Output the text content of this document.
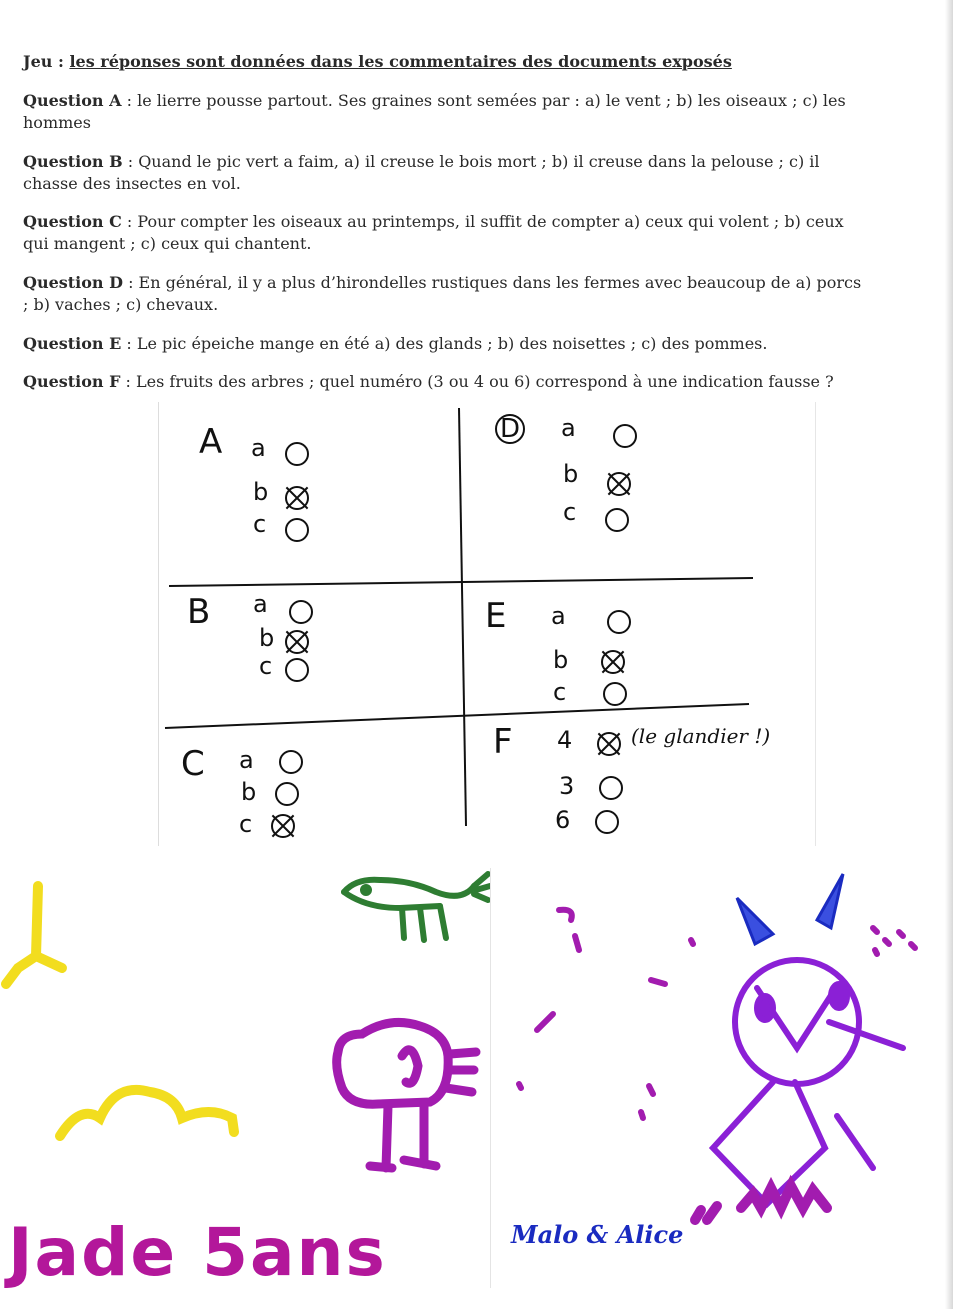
Jeu : les réponses sont données dans les commentaires des documents exposés
Question A : le lierre pousse partout. Ses graines sont semées par : a) le vent ; b) les oiseaux ; c) les hommes
Question B : Quand le pic vert a faim, a) il creuse le bois mort ; b) il creuse dans la pelouse ; c) il chasse des insectes en vol.
Question C : Pour compter les oiseaux au printemps, il suffit de compter a) ceux qui volent ; b) ceux qui mangent ; c) ceux qui chantent.
Question D : En général, il y a plus d’hirondelles rustiques dans les fermes avec beaucoup de a) porcs ; b) vaches ; c) chevaux.
Question E : Le pic épeiche mange en été a) des glands ; b) des noisettes ; c) des pommes.
Question F : Les fruits des arbres ; quel numéro (3 ou 4 ou 6) correspond à une indication fausse ?
A a
b
c
D a
b
c
B a
b
c
E a
b
c
C a
b
c
F 4	(le glandier !)
3
6
Jade 5ans	Malo & Alice
